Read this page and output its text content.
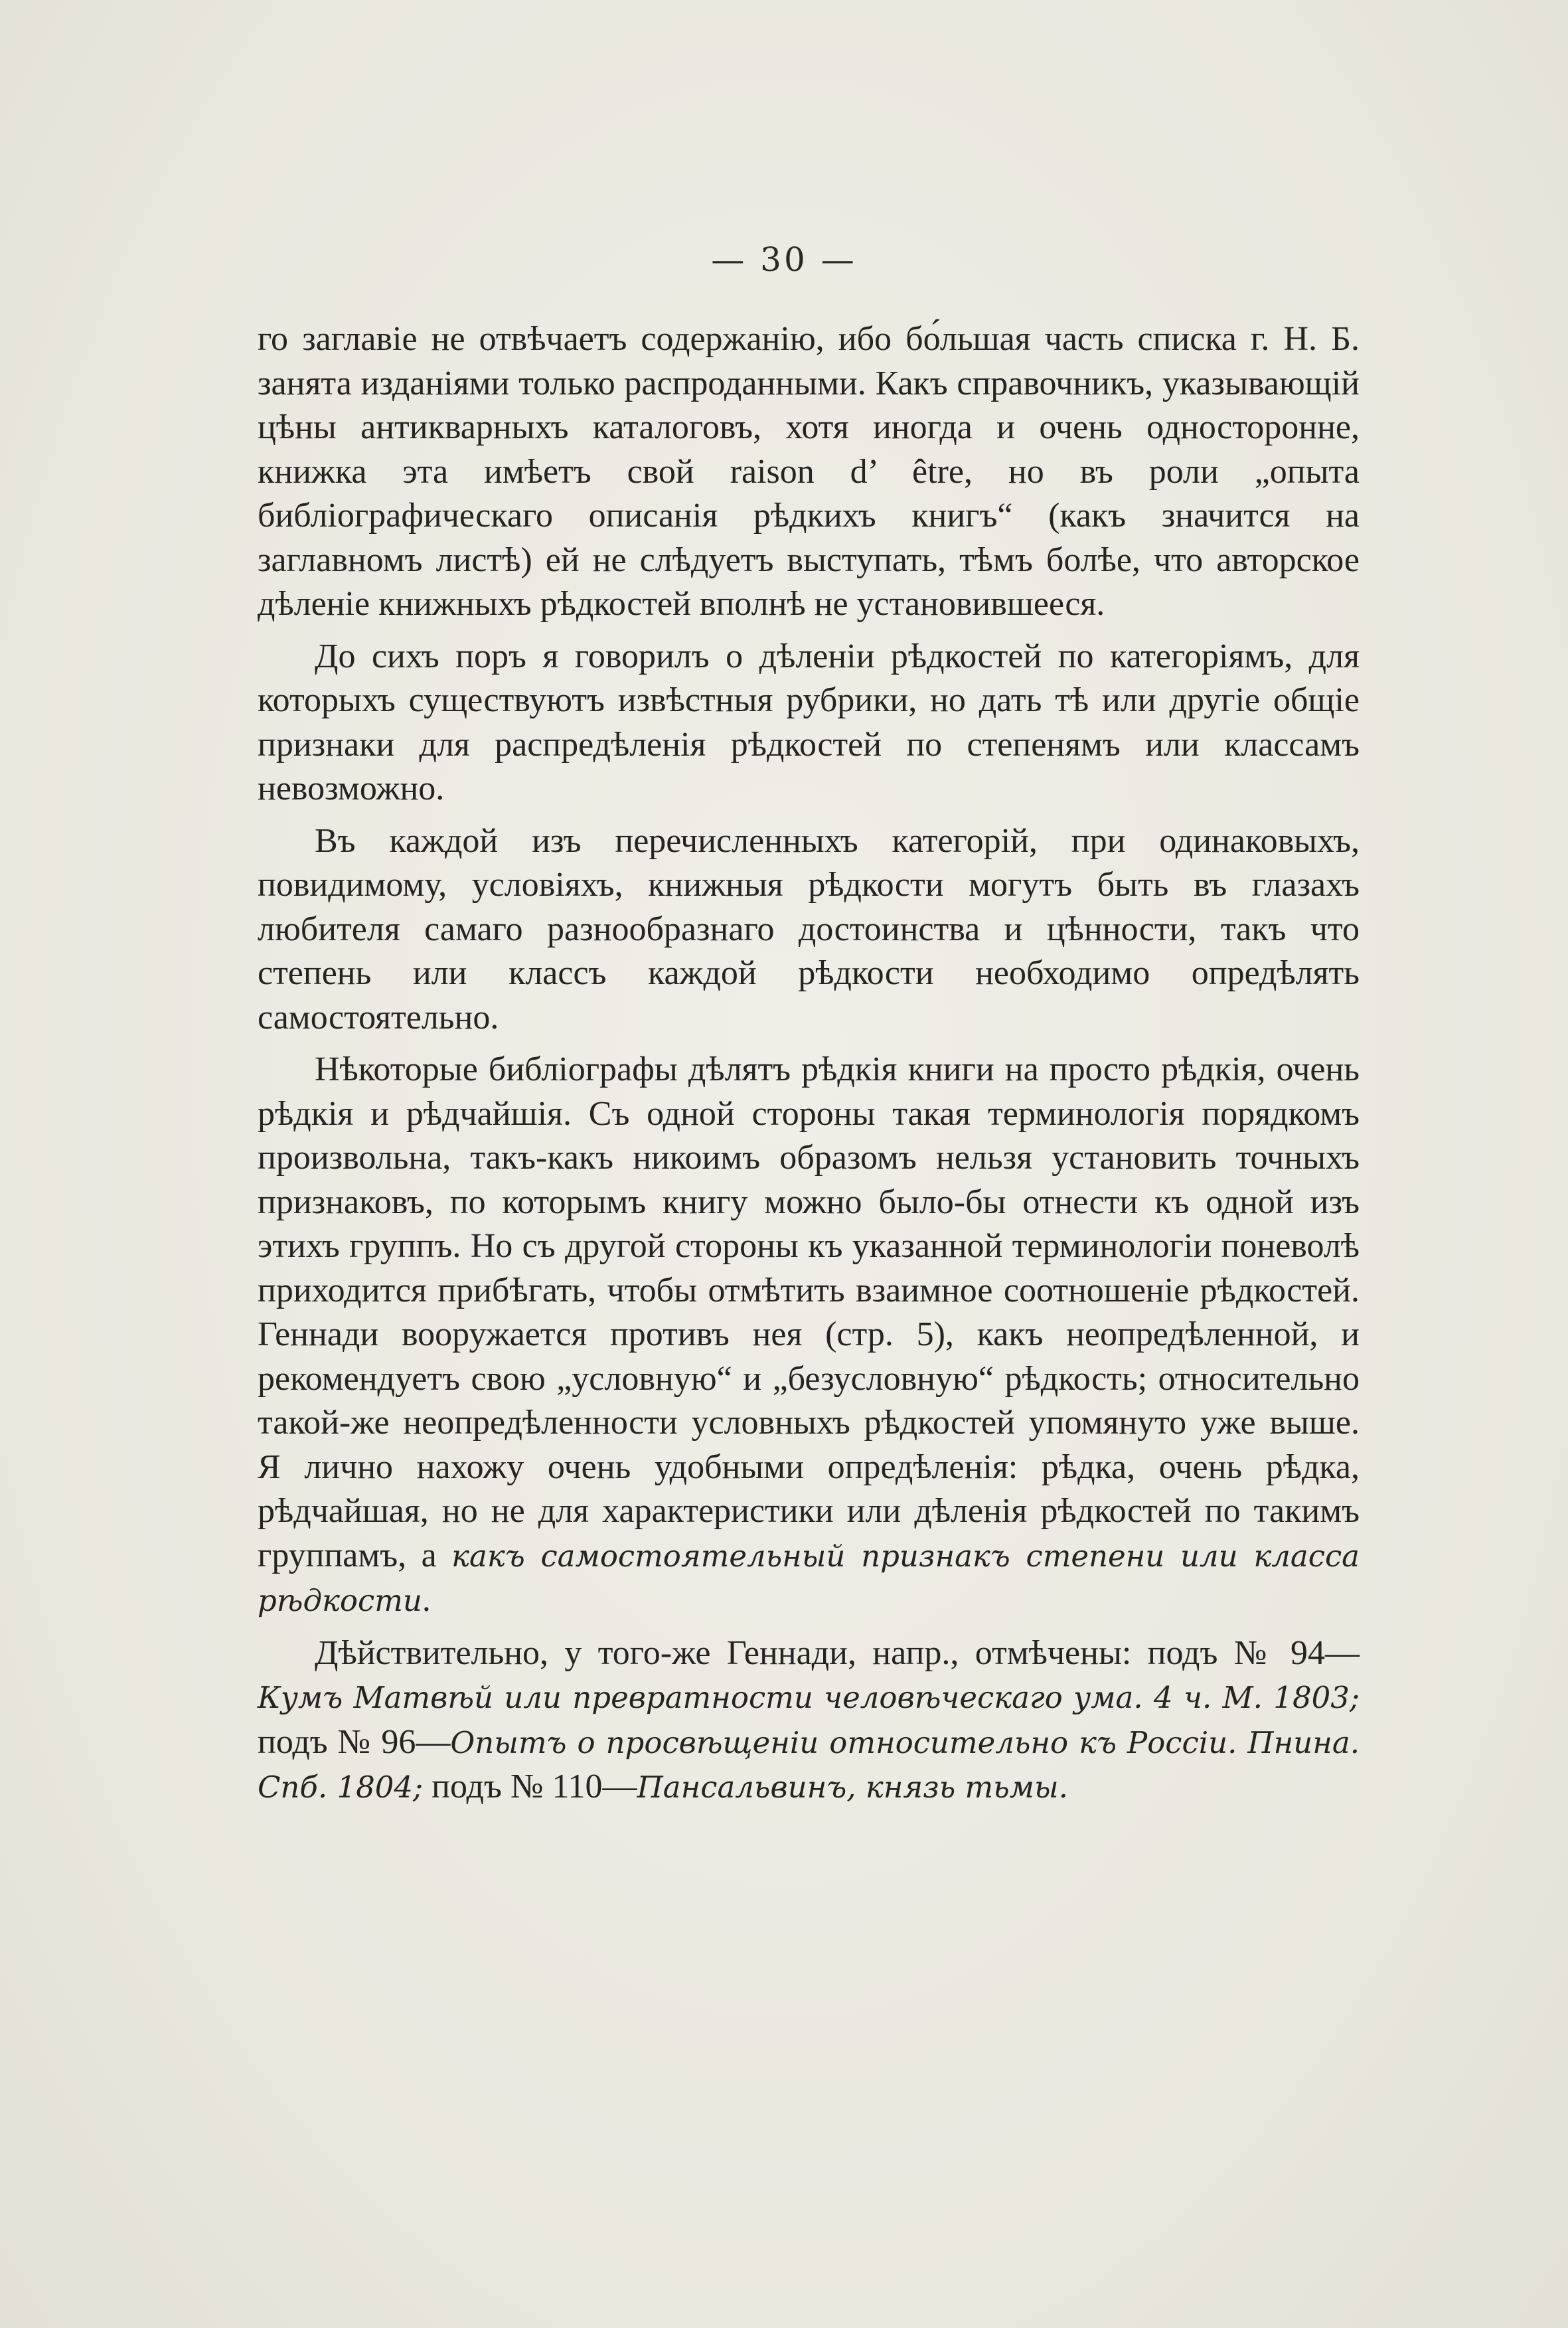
— 30 —

го заглавіе не отвѣчаетъ содержанію, ибо бо́льшая часть списка г. Н. Б. занята изданіями только распроданными. Какъ справочникъ, указывающій цѣны антикварныхъ каталоговъ, хотя иногда и очень односторонне, книжка эта имѣетъ свой raison d’ être, но въ роли „опыта библіографическаго описанія рѣдкихъ книгъ“ (какъ значится на заглавномъ листѣ) ей не слѣдуетъ выступать, тѣмъ болѣе, что авторское дѣленіе книжныхъ рѣдкостей вполнѣ не установившееся.

До сихъ поръ я говорилъ о дѣленіи рѣдкостей по категоріямъ, для которыхъ существуютъ извѣстныя рубрики, но дать тѣ или другіе общіе признаки для распредѣленія рѣдкостей по степенямъ или классамъ невозможно.

Въ каждой изъ перечисленныхъ категорій, при одинаковыхъ, повидимому, условіяхъ, книжныя рѣдкости могутъ быть въ глазахъ любителя самаго разнообразнаго достоинства и цѣнности, такъ что степень или классъ каждой рѣдкости необходимо опредѣлять самостоятельно.

Нѣкоторые библіографы дѣлятъ рѣдкія книги на просто рѣдкія, очень рѣдкія и рѣдчайшія. Съ одной стороны такая терминологія порядкомъ произвольна, такъ-какъ никоимъ образомъ нельзя установить точныхъ признаковъ, по которымъ книгу можно было-бы отнести къ одной изъ этихъ группъ. Но съ другой стороны къ указанной терминологіи поневолѣ приходится прибѣгать, чтобы отмѣтить взаимное соотношеніе рѣдкостей. Геннади вооружается противъ нея (стр. 5), какъ неопредѣленной, и рекомендуетъ свою „условную“ и „безусловную“ рѣдкость; относительно такой-же неопредѣленности условныхъ рѣдкостей упомянуто уже выше. Я лично нахожу очень удобными опредѣленія: рѣдка, очень рѣдка, рѣдчайшая, но не для характеристики или дѣленія рѣдкостей по такимъ группамъ, а какъ самостоятельный признакъ степени или класса рѣдкости.

Дѣйствительно, у того-же Геннади, напр., отмѣчены: подъ № 94—Кумъ Матвѣй или превратности человѣческаго ума. 4 ч. М. 1803; подъ № 96—Опытъ о просвѣщеніи относительно къ Россіи. Пнина. Спб. 1804; подъ № 110—Пансальвинъ, князь тьмы.
